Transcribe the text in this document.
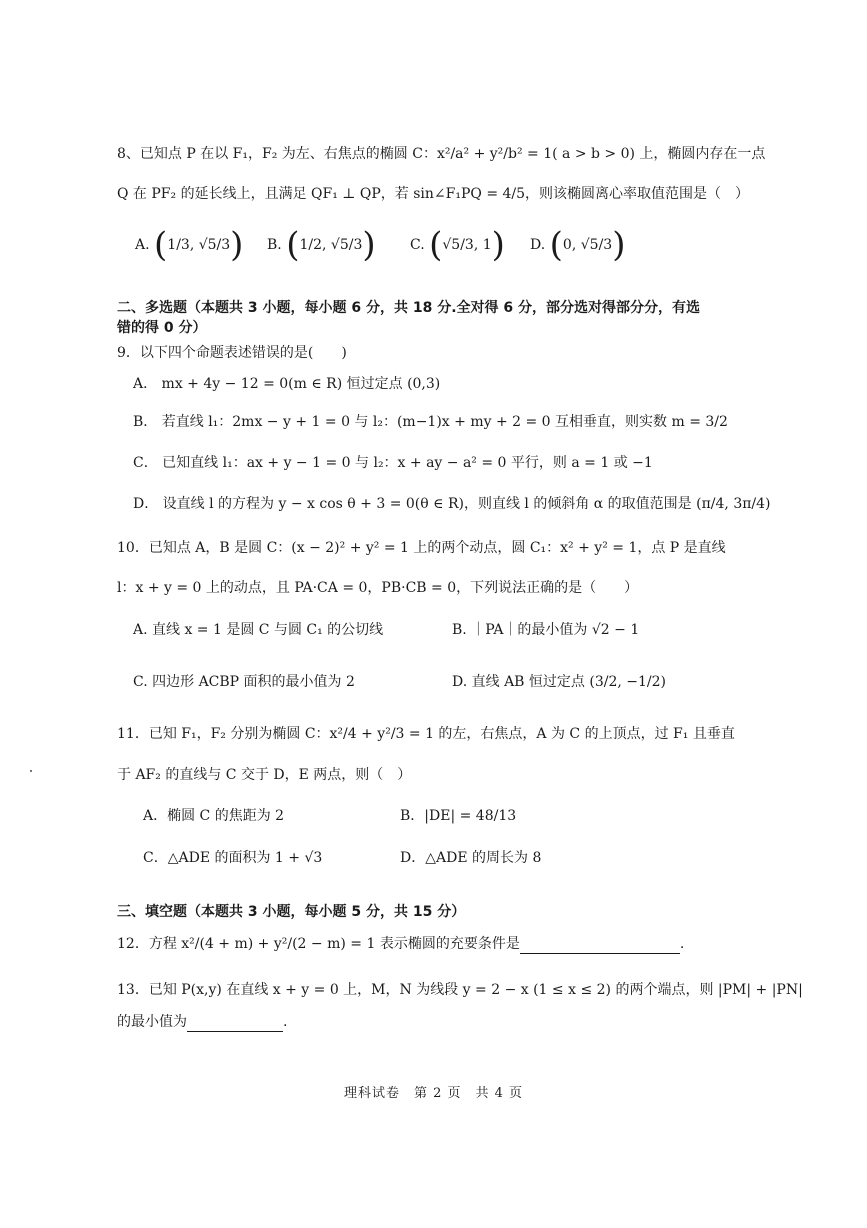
8、已知点 P 在以 F₁，F₂ 为左、右焦点的椭圆 C：x²/a² + y²/b² = 1( a > b > 0) 上，椭圆内存在一点
Q 在 PF₂ 的延长线上，且满足 QF₁ ⊥ QP，若 sin∠F₁PQ = 4/5，则该椭圆离心率取值范围是（　）
A. (1/3, √5/3) B. (1/2, √5/3) C. (√5/3, 1) D. (0, √5/3)
二、多选题（本题共 3 小题，每小题 6 分，共 18 分.全对得 6 分，部分选对得部分分，有选
错的得 0 分）
9．以下四个命题表述错误的是(　　)
A． mx + 4y − 12 = 0(m ∈ R) 恒过定点 (0,3)
B． 若直线 l₁：2mx − y + 1 = 0 与 l₂：(m−1)x + my + 2 = 0 互相垂直，则实数 m = 3/2
C． 已知直线 l₁：ax + y − 1 = 0 与 l₂：x + ay − a² = 0 平行，则 a = 1 或 −1
D． 设直线 l 的方程为 y − x cos θ + 3 = 0(θ ∈ R)，则直线 l 的倾斜角 α 的取值范围是 (π/4, 3π/4)
10．已知点 A，B 是圆 C：(x − 2)² + y² = 1 上的两个动点，圆 C₁：x² + y² = 1，点 P 是直线
l：x + y = 0 上的动点，且 PA·CA = 0，PB·CB = 0，下列说法正确的是（　　）
A. 直线 x = 1 是圆 C 与圆 C₁ 的公切线	B. ｜PA｜的最小值为 √2 − 1
C. 四边形 ACBP 面积的最小值为 2	D. 直线 AB 恒过定点 (3/2, −1/2)
11．已知 F₁，F₂ 分别为椭圆 C：x²/4 + y²/3 = 1 的左，右焦点，A 为 C 的上顶点，过 F₁ 且垂直
于 AF₂ 的直线与 C 交于 D，E 两点，则（　）
A．椭圆 C 的焦距为 2	B．|DE| = 48/13
C．△ADE 的面积为 1 + √3	D．△ADE 的周长为 8
三、填空题（本题共 3 小题，每小题 5 分，共 15 分）
12．方程 x²/(4 + m) + y²/(2 − m) = 1 表示椭圆的充要条件是	.
13．已知 P(x,y) 在直线 x + y = 0 上，M，N 为线段 y = 2 − x (1 ≤ x ≤ 2) 的两个端点，则 |PM| + |PN|
的最小值为	.
理科试卷　第 2 页　共 4 页
